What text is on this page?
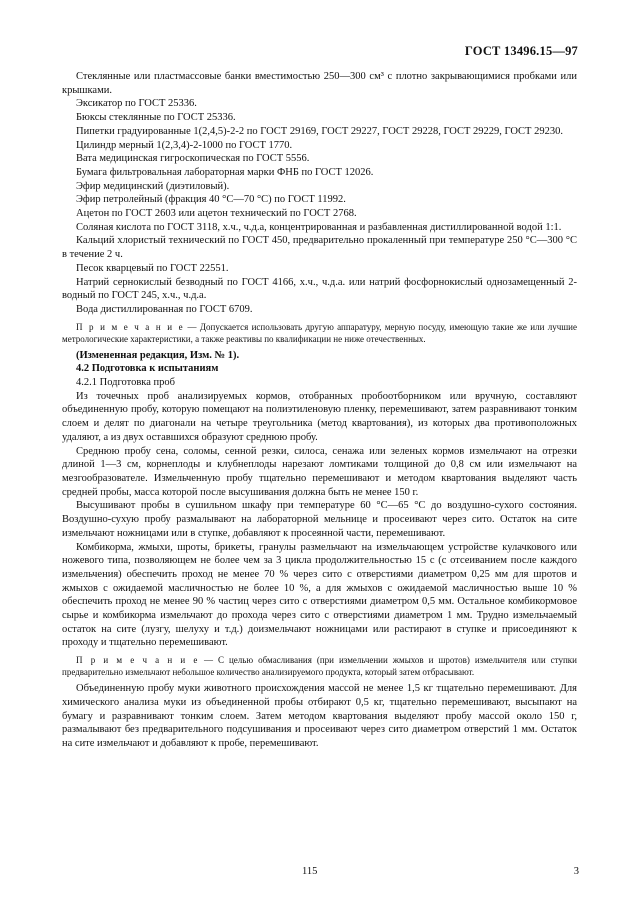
ГОСТ 13496.15—97

Стеклянные или пластмассовые банки вместимостью 250—300 см³ с плотно закрывающимися пробками или крышками.

Эксикатор по ГОСТ 25336.

Бюксы стеклянные по ГОСТ 25336.

Пипетки градуированные 1(2,4,5)-2-2 по ГОСТ 29169, ГОСТ 29227, ГОСТ 29228, ГОСТ 29229, ГОСТ 29230.

Цилиндр мерный 1(2,3,4)-2-1000 по ГОСТ 1770.

Вата медицинская гигроскопическая по ГОСТ 5556.

Бумага фильтровальная лабораторная марки ФНБ по ГОСТ 12026.

Эфир медицинский (диэтиловый).

Эфир петролейный (фракция 40 °С—70 °С) по ГОСТ 11992.

Ацетон по ГОСТ 2603 или ацетон технический по ГОСТ 2768.

Соляная кислота по ГОСТ 3118, х.ч., ч.д.а, концентрированная и разбавленная дистиллированной водой 1:1.

Кальций хлористый технический по ГОСТ 450, предварительно прокаленный при температуре 250 °С—300 °С в течение 2 ч.

Песок кварцевый по ГОСТ 22551.

Натрий сернокислый безводный по ГОСТ 4166, х.ч., ч.д.а. или натрий фосфорнокислый однозамещенный 2-водный по ГОСТ 245, х.ч., ч.д.а.

Вода дистиллированная по ГОСТ 6709.

П р и м е ч а н и е — Допускается использовать другую аппаратуру, мерную посуду, имеющую такие же или лучшие метрологические характеристики, а также реактивы по квалификации не ниже отечественных.

(Измененная редакция, Изм. № 1).

4.2 Подготовка к испытаниям

4.2.1 Подготовка проб

Из точечных проб анализируемых кормов, отобранных пробоотборником или вручную, составляют объединенную пробу, которую помещают на полиэтиленовую пленку, перемешивают, затем разравнивают тонким слоем и делят по диагонали на четыре треугольника (метод квартования), из которых два противоположных удаляют, а из двух оставшихся образуют среднюю пробу.

Среднюю пробу сена, соломы, сенной резки, силоса, сенажа или зеленых кормов измельчают на отрезки длиной 1—3 см, корнеплоды и клубнеплоды нарезают ломтиками толщиной до 0,8 см или измельчают на мезгообразователе. Измельченную пробу тщательно перемешивают и методом квартования выделяют часть средней пробы, масса которой после высушивания должна быть не менее 150 г.

Высушивают пробы в сушильном шкафу при температуре 60 °С—65 °С до воздушно-сухого состояния. Воздушно-сухую пробу размалывают на лабораторной мельнице и просеивают через сито. Остаток на сите измельчают ножницами или в ступке, добавляют к просеянной части, перемешивают.

Комбикорма, жмыхи, шроты, брикеты, гранулы размельчают на измельчающем устройстве кулачкового или ножевого типа, позволяющем не более чем за 3 цикла продолжительностью 15 с (с отсеиванием после каждого измельчения) обеспечить проход не менее 70 % через сито с отверстиями диаметром 0,25 мм для шротов и жмыхов с ожидаемой масличностью не более 10 %, а для жмыхов с ожидаемой масличностью выше 10 % обеспечить проход не менее 90 % частиц через сито с отверстиями диаметром 0,5 мм. Остальное комбикормовое сырье и комбикорма измельчают до прохода через сито с отверстиями диаметром 1 мм. Трудно измельчаемый остаток на сите (лузгу, шелуху и т.д.) доизмельчают ножницами или растирают в ступке и присоединяют к проходу и тщательно перемешивают.

П р и м е ч а н и е — С целью обмасливания (при измельчении жмыхов и шротов) измельчителя или ступки предварительно измельчают небольшое количество анализируемого продукта, который затем отбрасывают.

Объединенную пробу муки животного происхождения массой не менее 1,5 кг тщательно перемешивают. Для химического анализа муки из объединенной пробы отбирают 0,5 кг, тщательно перемешивают, высыпают на бумагу и разравнивают тонким слоем. Затем методом квартования выделяют пробу массой около 150 г, размалывают без предварительного подсушивания и просеивают через сито диаметром отверстий 1 мм. Остаток на сите измельчают и добавляют к пробе, перемешивают.

115	3
